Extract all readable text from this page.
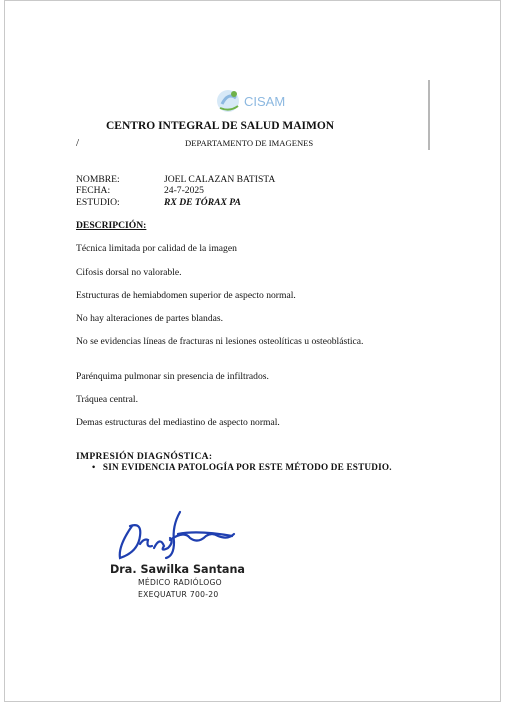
CISAM
CENTRO INTEGRAL DE SALUD MAIMON
/	DEPARTAMENTO DE IMAGENES
NOMBRE:	JOEL CALAZAN BATISTA
FECHA:	24-7-2025
ESTUDIO:	RX DE TÓRAX PA
DESCRIPCIÓN:
Técnica limitada por calidad de la imagen
Cifosis dorsal no valorable.
Estructuras de hemiabdomen superior de aspecto normal.
No hay alteraciones de partes blandas.
No se evidencias líneas de fracturas ni lesiones osteolíticas u osteoblástica.
Parénquima pulmonar sin presencia de infiltrados.
Tráquea central.
Demas estructuras del mediastino de aspecto normal.
IMPRESIÓN DIAGNÓSTICA:
•   SIN EVIDENCIA PATOLOGÍA POR ESTE MÉTODO DE ESTUDIO.
Dra. Sawilka Santana
MÉDICO RADIÓLOGO
EXEQUATUR 700-20
